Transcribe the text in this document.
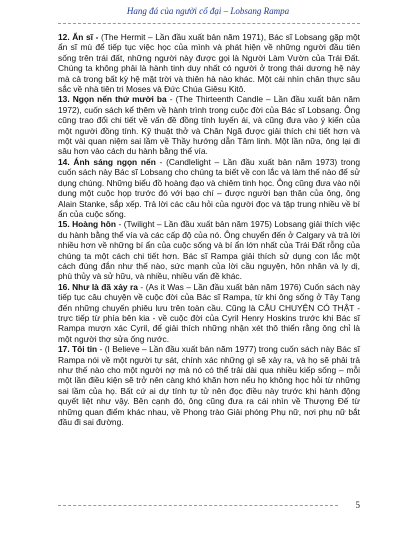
Hang đá của người cổ đại – Lobsang Rampa

12. Ẩn sĩ - (The Hermit – Lần đầu xuất bản năm 1971), Bác sĩ Lobsang gặp một ẩn sĩ mù để tiếp tục việc học của mình và phát hiện về những người đầu tiên sống trên trái đất, những người này được gọi là Người Làm Vườn của Trái Đất. Chúng ta không phải là hành tinh duy nhất có người ở trong thái dương hệ này mà cả trong bất kỳ hệ mặt trời và thiên hà nào khác. Một cái nhìn chân thực sâu sắc về nhà tiên tri Moses và Đức Chúa Giêsu Kitô.

13. Ngọn nến thứ mười ba - (The Thirteenth Candle – Lần đầu xuất bản năm 1972), cuốn sách kể thêm về hành trình trong cuộc đời của Bác sĩ Lobsang. Ông cũng trao đổi chi tiết về vấn đề đồng tính luyến ái, và cũng đưa vào ý kiến của một người đồng tính. Kỹ thuật thở và Chân Ngã được giải thích chi tiết hơn và một vài quan niệm sai lầm về Thầy hướng dẫn Tâm linh. Một lần nữa, ông lại đi sâu hơn vào cách du hành bằng thể vía.

14. Ánh sáng ngọn nến - (Candlelight – Lần đầu xuất bản năm 1973) trong cuốn sách này Bác sĩ Lobsang cho chúng ta biết về con lắc và làm thế nào để sử dụng chúng. Những biểu đồ hoàng đạo và chiêm tinh học. Ông cũng đưa vào nội dung một cuộc họp trước đó với bạo chí – được người bạn thân của ông, ông Alain Stanke, sắp xếp. Trả lời các câu hỏi của người đọc và tập trung nhiều về bí ẩn của cuộc sống.

15. Hoàng hôn - (Twilight – Lần đầu xuất bản năm 1975) Lobsang giải thích việc du hành bằng thể vía và các cấp độ của nó. Ông chuyển đến ở Calgary và trả lời nhiều hơn về những bí ẩn của cuộc sống và bí ẩn lớn nhất của Trái Đất rỗng của chúng ta một cách chi tiết hơn. Bác sĩ Rampa giải thích sử dụng con lắc một cách đúng đắn như thế nào, sức mạnh của lời cầu nguyện, hôn nhân và ly dị, phù thủy và sử hữu, và nhiều, nhiều vấn đề khác.

16. Như là đã xảy ra - (As it Was – Lần đầu xuất bản năm 1976) Cuốn sách này tiếp tục câu chuyện về cuộc đời của Bác sĩ Rampa, từ khi ông sống ở Tây Tạng đến những chuyến phiêu lưu trên toàn cầu. Cũng là CÂU CHUYỆN CÓ THẬT - trực tiếp từ phía bên kia - về cuộc đời của Cyril Henry Hoskins trước khi Bác sĩ Rampa mượn xác Cyril, để giải thích những nhận xét thô thiển rằng ông chỉ là một người thợ sửa ống nước.

17. Tôi tin - (I Believe – Lần đầu xuất bản năm 1977) trong cuốn sách này Bác sĩ Rampa nói về một người tự sát, chính xác những gì sẽ xảy ra, và họ sẽ phải trả như thế nào cho một người nợ mà nó có thể trải dài qua nhiều kiếp sống – mỗi một lần điều kiện sẽ trở nên càng khó khăn hơn nếu họ không học hỏi từ những sai lầm của họ. Bất cứ ai dự tính tự tử nên đọc điều này trước khi hành động quyết liệt như vậy. Bên cạnh đó, ông cũng đưa ra cái nhìn về Thượng Đế từ những quan điểm khác nhau, về Phong trào Giải phóng Phụ nữ, nơi phụ nữ bắt đầu đi sai đường.

5
